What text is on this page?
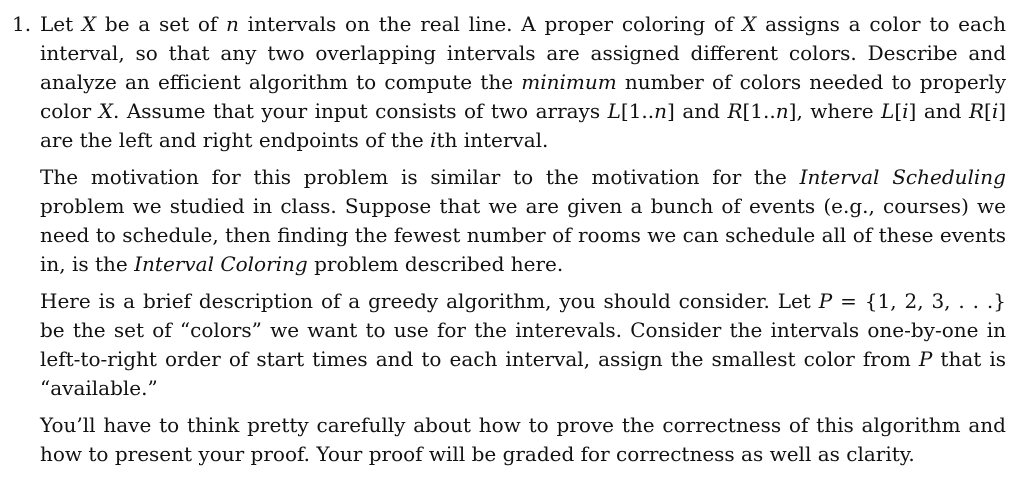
1. Let X be a set of n intervals on the real line. A proper coloring of X assigns a color to each interval, so that any two overlapping intervals are assigned different colors. Describe and analyze an efficient algorithm to compute the minimum number of colors needed to properly color X. Assume that your input consists of two arrays L[1..n] and R[1..n], where L[i] and R[i] are the left and right endpoints of the ith interval.

The motivation for this problem is similar to the motivation for the Interval Scheduling problem we studied in class. Suppose that we are given a bunch of events (e.g., courses) we need to schedule, then finding the fewest number of rooms we can schedule all of these events in, is the Interval Coloring problem described here.

Here is a brief description of a greedy algorithm, you should consider. Let P = {1, 2, 3, . . .} be the set of “colors” we want to use for the interevals. Consider the intervals one-by-one in left-to-right order of start times and to each interval, assign the smallest color from P that is “available.”

You’ll have to think pretty carefully about how to prove the correctness of this algorithm and how to present your proof. Your proof will be graded for correctness as well as clarity.
